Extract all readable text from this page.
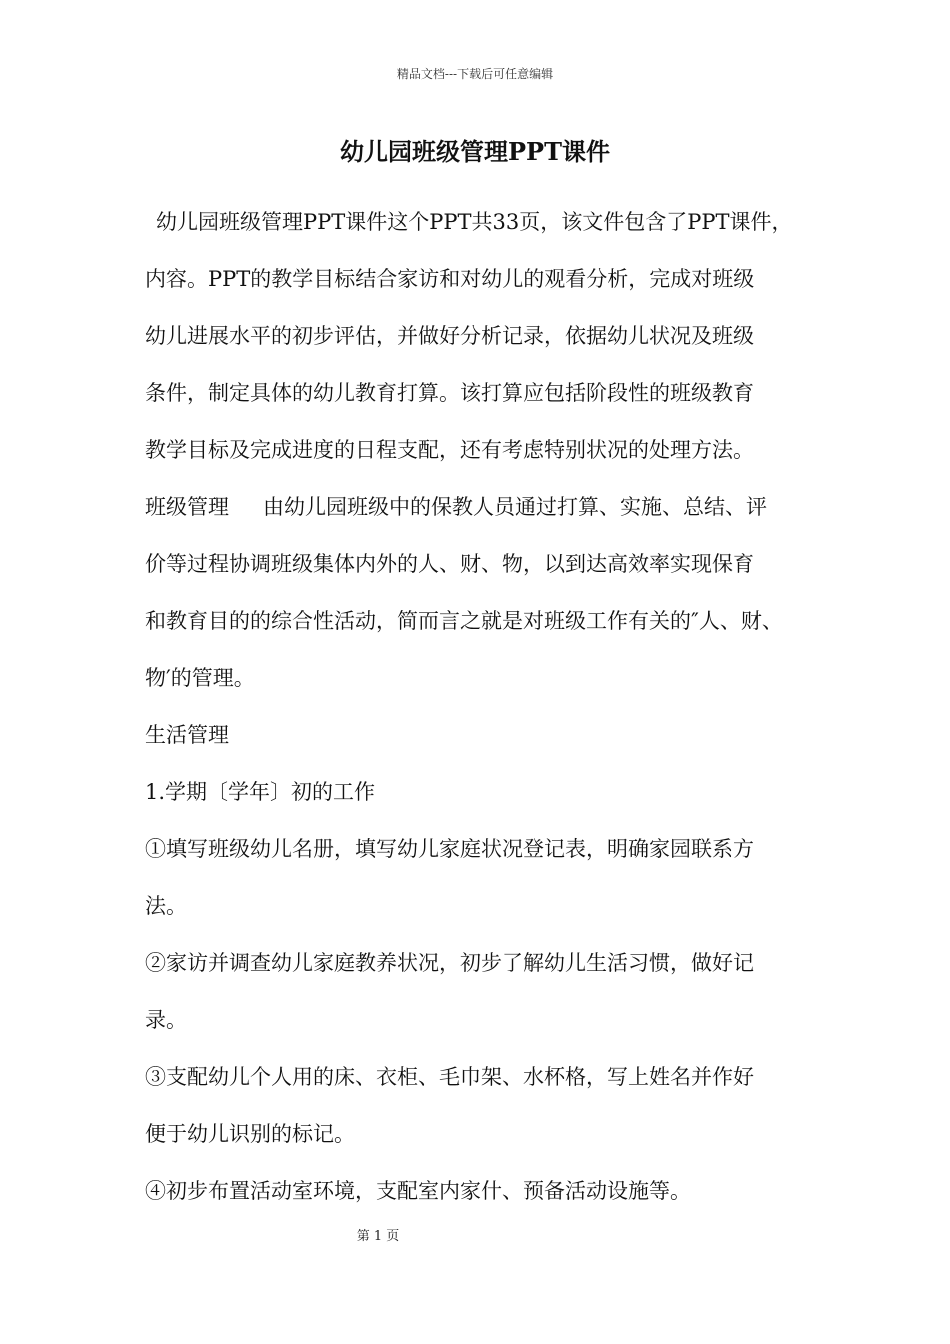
精品文档---下载后可任意编辑
幼儿园班级管理PPT课件

幼儿园班级管理PPT课件这个PPT共33页，该文件包含了PPT课件，

内容。PPT的教学目标结合家访和对幼儿的观看分析，完成对班级

幼儿进展水平的初步评估，并做好分析记录，依据幼儿状况及班级

条件，制定具体的幼儿教育打算。该打算应包括阶段性的班级教育

教学目标及完成进度的日程支配，还有考虑特别状况的处理方法。

班级管理 由幼儿园班级中的保教人员通过打算、实施、总结、评

价等过程协调班级集体内外的人、财、物，以到达高效率实现保育

和教育目的的综合性活动，简而言之就是对班级工作有关的″人、财、

物′的管理。

生活管理

1.学期〔学年〕初的工作

①填写班级幼儿名册，填写幼儿家庭状况登记表，明确家园联系方

法。

②家访并调查幼儿家庭教养状况，初步了解幼儿生活习惯，做好记

录。

③支配幼儿个人用的床、衣柜、毛巾架、水杯格，写上姓名并作好

便于幼儿识别的标记。

④初步布置活动室环境，支配室内家什、预备活动设施等。

第 1 页
